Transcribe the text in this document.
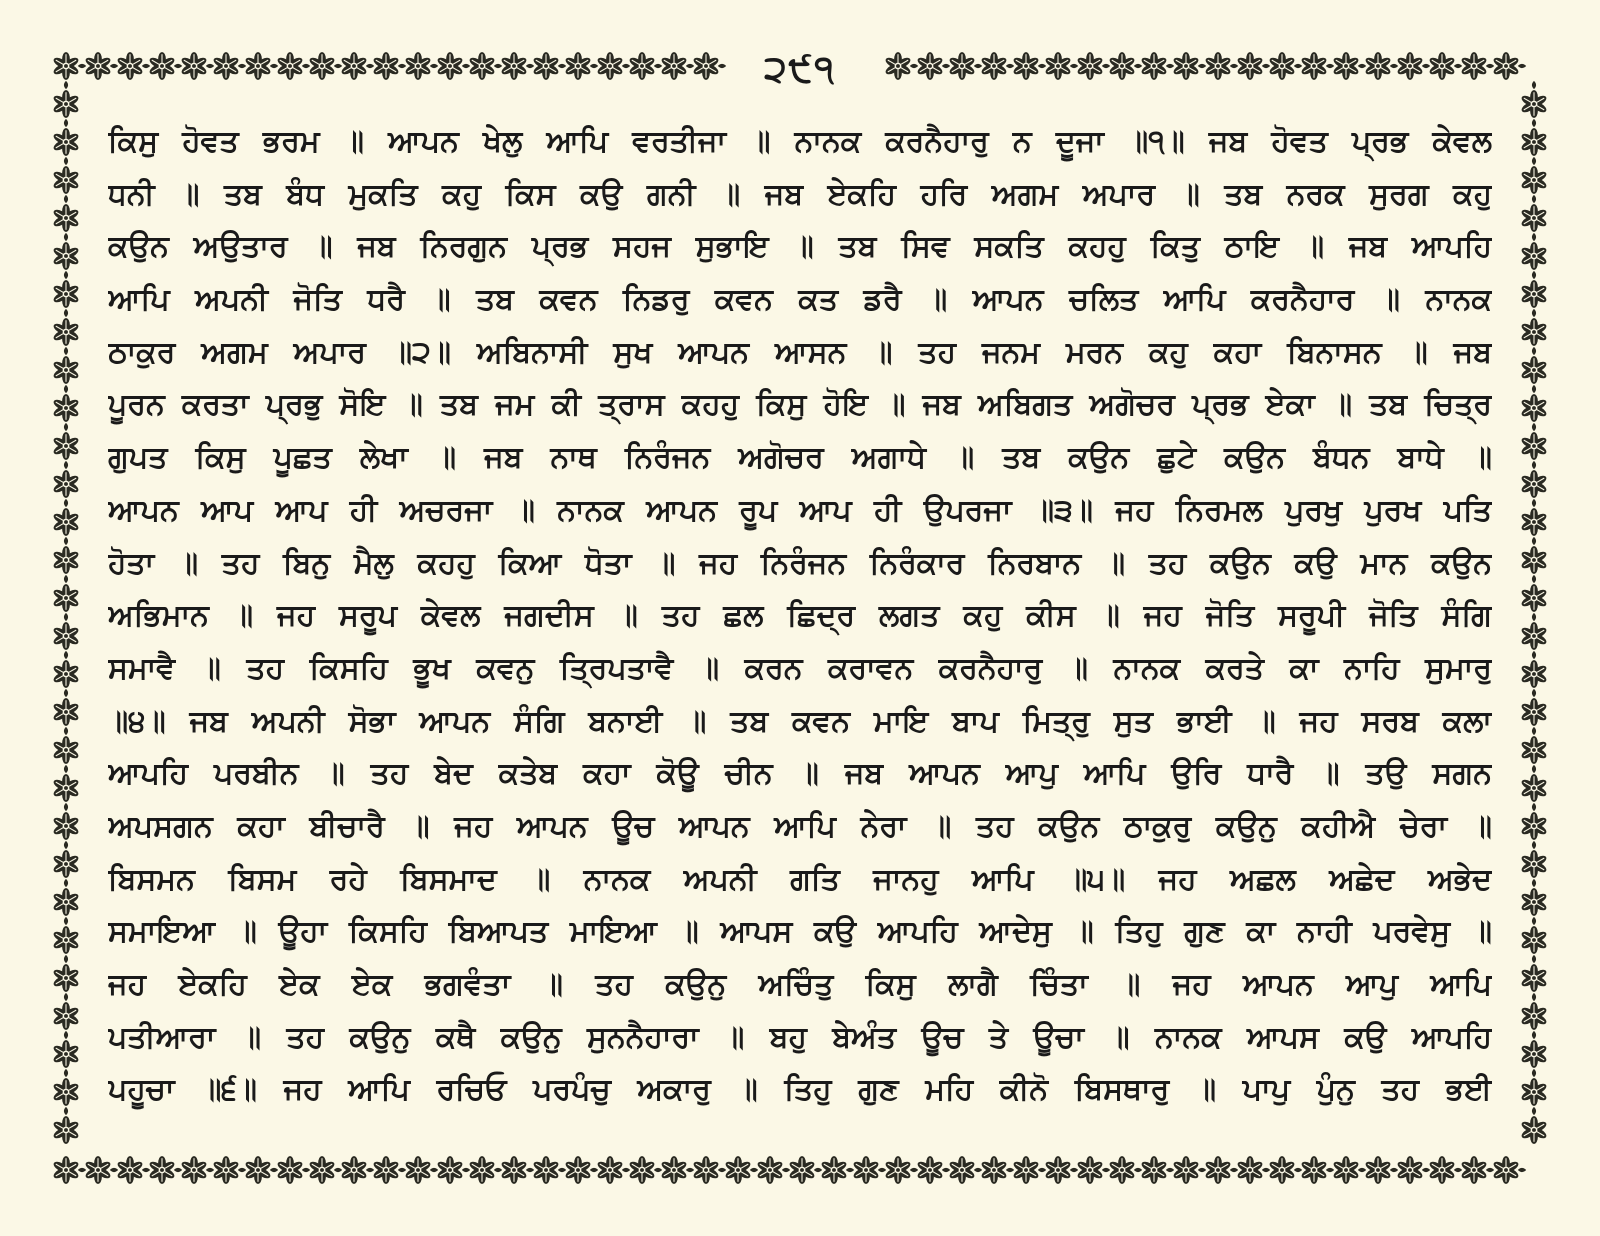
੨੯੧
ਕਿਸੁ ਹੋਵਤ ਭਰਮ ॥ ਆਪਨ ਖੇਲੁ ਆਪਿ ਵਰਤੀਜਾ ॥ ਨਾਨਕ ਕਰਨੈਹਾਰੁ ਨ ਦੂਜਾ ॥੧॥ ਜਬ ਹੋਵਤ ਪ੍ਰਭ ਕੇਵਲ
ਧਨੀ ॥ ਤਬ ਬੰਧ ਮੁਕਤਿ ਕਹੁ ਕਿਸ ਕਉ ਗਨੀ ॥ ਜਬ ਏਕਹਿ ਹਰਿ ਅਗਮ ਅਪਾਰ ॥ ਤਬ ਨਰਕ ਸੁਰਗ ਕਹੁ
ਕਉਨ ਅਉਤਾਰ ॥ ਜਬ ਨਿਰਗੁਨ ਪ੍ਰਭ ਸਹਜ ਸੁਭਾਇ ॥ ਤਬ ਸਿਵ ਸਕਤਿ ਕਹਹੁ ਕਿਤੁ ਠਾਇ ॥ ਜਬ ਆਪਹਿ
ਆਪਿ ਅਪਨੀ ਜੋਤਿ ਧਰੈ ॥ ਤਬ ਕਵਨ ਨਿਡਰੁ ਕਵਨ ਕਤ ਡਰੈ ॥ ਆਪਨ ਚਲਿਤ ਆਪਿ ਕਰਨੈਹਾਰ ॥ ਨਾਨਕ
ਠਾਕੁਰ ਅਗਮ ਅਪਾਰ ॥੨॥ ਅਬਿਨਾਸੀ ਸੁਖ ਆਪਨ ਆਸਨ ॥ ਤਹ ਜਨਮ ਮਰਨ ਕਹੁ ਕਹਾ ਬਿਨਾਸਨ ॥ ਜਬ
ਪੂਰਨ ਕਰਤਾ ਪ੍ਰਭੁ ਸੋਇ ॥ ਤਬ ਜਮ ਕੀ ਤ੍ਰਾਸ ਕਹਹੁ ਕਿਸੁ ਹੋਇ ॥ ਜਬ ਅਬਿਗਤ ਅਗੋਚਰ ਪ੍ਰਭ ਏਕਾ ॥ ਤਬ ਚਿਤ੍ਰ
ਗੁਪਤ ਕਿਸੁ ਪੂਛਤ ਲੇਖਾ ॥ ਜਬ ਨਾਥ ਨਿਰੰਜਨ ਅਗੋਚਰ ਅਗਾਧੇ ॥ ਤਬ ਕਉਨ ਛੁਟੇ ਕਉਨ ਬੰਧਨ ਬਾਧੇ ॥
ਆਪਨ ਆਪ ਆਪ ਹੀ ਅਚਰਜਾ ॥ ਨਾਨਕ ਆਪਨ ਰੂਪ ਆਪ ਹੀ ਉਪਰਜਾ ॥੩॥ ਜਹ ਨਿਰਮਲ ਪੁਰਖੁ ਪੁਰਖ ਪਤਿ
ਹੋਤਾ ॥ ਤਹ ਬਿਨੁ ਮੈਲੁ ਕਹਹੁ ਕਿਆ ਧੋਤਾ ॥ ਜਹ ਨਿਰੰਜਨ ਨਿਰੰਕਾਰ ਨਿਰਬਾਨ ॥ ਤਹ ਕਉਨ ਕਉ ਮਾਨ ਕਉਨ
ਅਭਿਮਾਨ ॥ ਜਹ ਸਰੂਪ ਕੇਵਲ ਜਗਦੀਸ ॥ ਤਹ ਛਲ ਛਿਦ੍ਰ ਲਗਤ ਕਹੁ ਕੀਸ ॥ ਜਹ ਜੋਤਿ ਸਰੂਪੀ ਜੋਤਿ ਸੰਗਿ
ਸਮਾਵੈ ॥ ਤਹ ਕਿਸਹਿ ਭੂਖ ਕਵਨੁ ਤ੍ਰਿਪਤਾਵੈ ॥ ਕਰਨ ਕਰਾਵਨ ਕਰਨੈਹਾਰੁ ॥ ਨਾਨਕ ਕਰਤੇ ਕਾ ਨਾਹਿ ਸੁਮਾਰੁ
॥੪॥ ਜਬ ਅਪਨੀ ਸੋਭਾ ਆਪਨ ਸੰਗਿ ਬਨਾਈ ॥ ਤਬ ਕਵਨ ਮਾਇ ਬਾਪ ਮਿਤ੍ਰੁ ਸੁਤ ਭਾਈ ॥ ਜਹ ਸਰਬ ਕਲਾ
ਆਪਹਿ ਪਰਬੀਨ ॥ ਤਹ ਬੇਦ ਕਤੇਬ ਕਹਾ ਕੋਊ ਚੀਨ ॥ ਜਬ ਆਪਨ ਆਪੁ ਆਪਿ ਉਰਿ ਧਾਰੈ ॥ ਤਉ ਸਗਨ
ਅਪਸਗਨ ਕਹਾ ਬੀਚਾਰੈ ॥ ਜਹ ਆਪਨ ਊਚ ਆਪਨ ਆਪਿ ਨੇਰਾ ॥ ਤਹ ਕਉਨ ਠਾਕੁਰੁ ਕਉਨੁ ਕਹੀਐ ਚੇਰਾ ॥
ਬਿਸਮਨ ਬਿਸਮ ਰਹੇ ਬਿਸਮਾਦ ॥ ਨਾਨਕ ਅਪਨੀ ਗਤਿ ਜਾਨਹੁ ਆਪਿ ॥੫॥ ਜਹ ਅਛਲ ਅਛੇਦ ਅਭੇਦ
ਸਮਾਇਆ ॥ ਊਹਾ ਕਿਸਹਿ ਬਿਆਪਤ ਮਾਇਆ ॥ ਆਪਸ ਕਉ ਆਪਹਿ ਆਦੇਸੁ ॥ ਤਿਹੁ ਗੁਣ ਕਾ ਨਾਹੀ ਪਰਵੇਸੁ ॥
ਜਹ ਏਕਹਿ ਏਕ ਏਕ ਭਗਵੰਤਾ ॥ ਤਹ ਕਉਨੁ ਅਚਿੰਤੁ ਕਿਸੁ ਲਾਗੈ ਚਿੰਤਾ ॥ ਜਹ ਆਪਨ ਆਪੁ ਆਪਿ
ਪਤੀਆਰਾ ॥ ਤਹ ਕਉਨੁ ਕਥੈ ਕਉਨੁ ਸੁਨਨੈਹਾਰਾ ॥ ਬਹੁ ਬੇਅੰਤ ਊਚ ਤੇ ਊਚਾ ॥ ਨਾਨਕ ਆਪਸ ਕਉ ਆਪਹਿ
ਪਹੂਚਾ ॥੬॥ ਜਹ ਆਪਿ ਰਚਿਓ ਪਰਪੰਚੁ ਅਕਾਰੁ ॥ ਤਿਹੁ ਗੁਣ ਮਹਿ ਕੀਨੋ ਬਿਸਥਾਰੁ ॥ ਪਾਪੁ ਪੁੰਨੁ ਤਹ ਭਈ
